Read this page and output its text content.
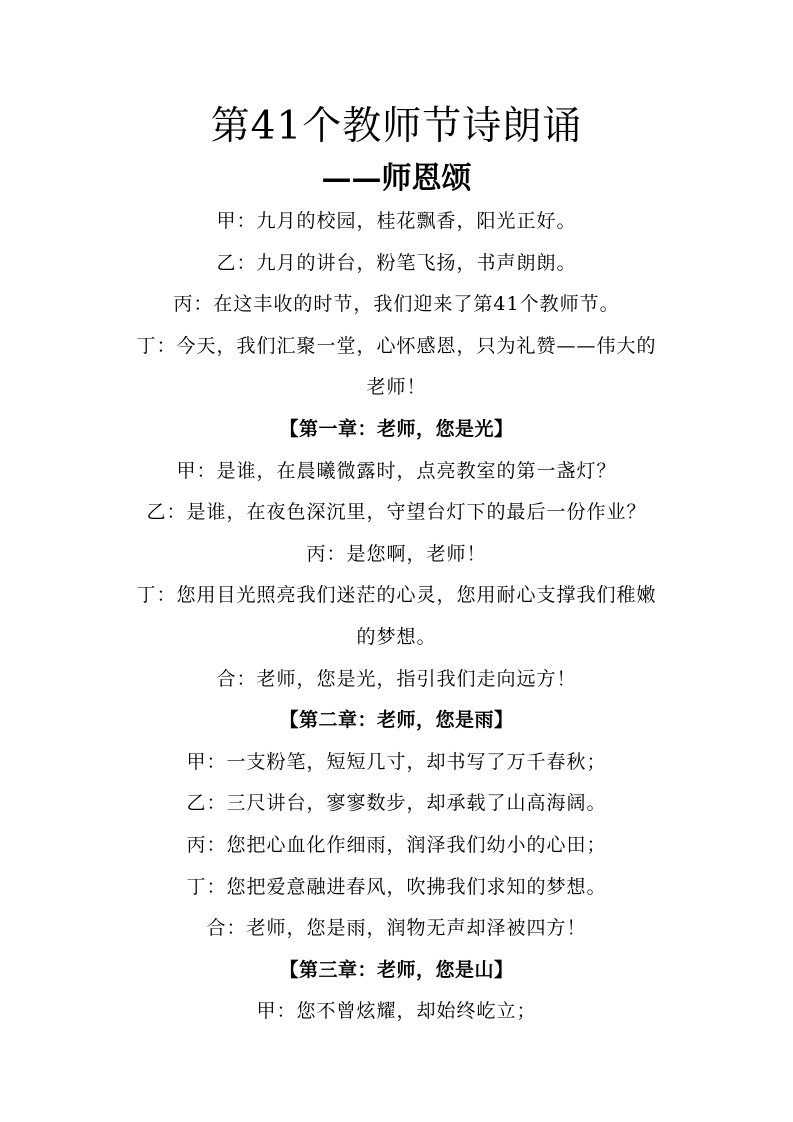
第41个教师节诗朗诵
——师恩颂
甲：九月的校园，桂花飘香，阳光正好。
乙：九月的讲台，粉笔飞扬，书声朗朗。
丙：在这丰收的时节，我们迎来了第41个教师节。
丁：今天，我们汇聚一堂，心怀感恩，只为礼赞——伟大的
老师！
【第一章：老师，您是光】
甲：是谁，在晨曦微露时，点亮教室的第一盏灯？
乙：是谁，在夜色深沉里，守望台灯下的最后一份作业？
丙：是您啊，老师！
丁：您用目光照亮我们迷茫的心灵，您用耐心支撑我们稚嫩
的梦想。
合：老师，您是光，指引我们走向远方！
【第二章：老师，您是雨】
甲：一支粉笔，短短几寸，却书写了万千春秋；
乙：三尺讲台，寥寥数步，却承载了山高海阔。
丙：您把心血化作细雨，润泽我们幼小的心田；
丁：您把爱意融进春风，吹拂我们求知的梦想。
合：老师，您是雨，润物无声却泽被四方！
【第三章：老师，您是山】
甲：您不曾炫耀，却始终屹立；
